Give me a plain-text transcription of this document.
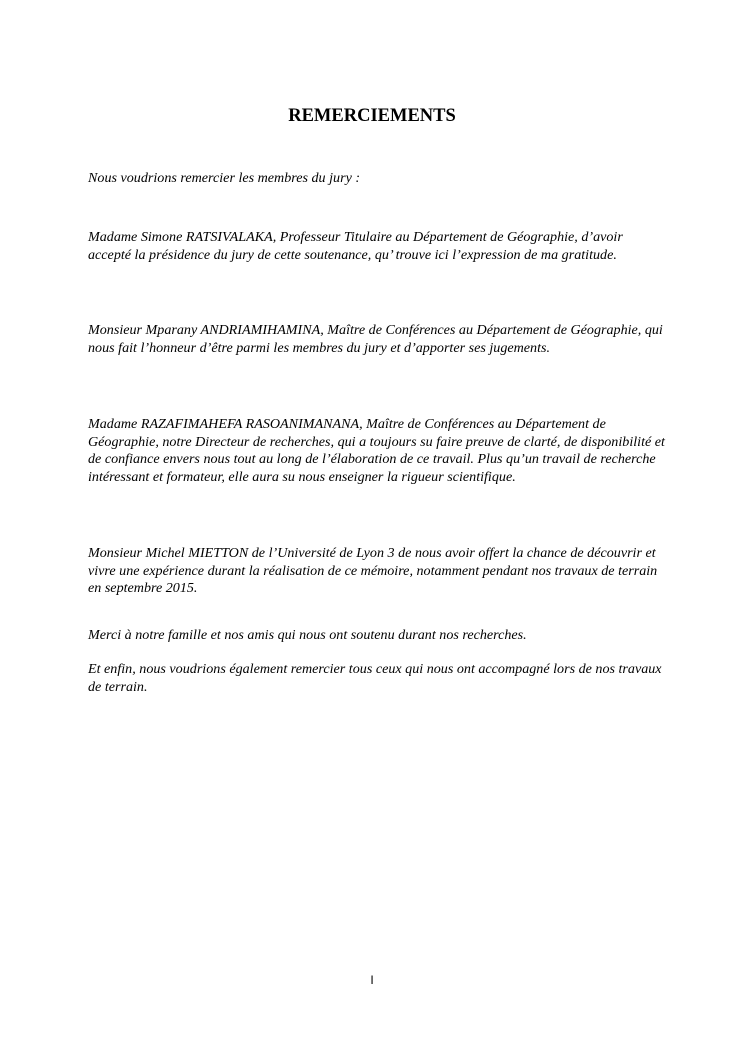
REMERCIEMENTS

Nous voudrions remercier les membres du jury :

Madame Simone RATSIVALAKA, Professeur Titulaire au Département de Géographie, d’avoir accepté la présidence du jury de cette soutenance, qu’ trouve ici l’expression de ma gratitude.

Monsieur Mparany ANDRIAMIHAMINA, Maître de Conférences au Département de Géographie, qui nous fait l’honneur d’être parmi les membres du jury et d’apporter ses jugements.

Madame RAZAFIMAHEFA RASOANIMANANA, Maître de Conférences au Département de Géographie, notre Directeur de recherches, qui a toujours su faire preuve de clarté, de disponibilité et de confiance envers nous tout au long de l’élaboration de ce travail. Plus qu’un travail de recherche intéressant et formateur, elle aura su nous enseigner la rigueur scientifique.

Monsieur Michel MIETTON de l’Université de Lyon 3 de nous avoir offert la chance de découvrir et vivre une expérience durant la réalisation de ce mémoire, notamment pendant nos travaux de terrain en septembre 2015.

Merci à notre famille et nos amis qui nous ont soutenu durant nos recherches.

Et enfin, nous voudrions également remercier tous ceux qui nous ont accompagné lors de nos travaux de terrain.

I
